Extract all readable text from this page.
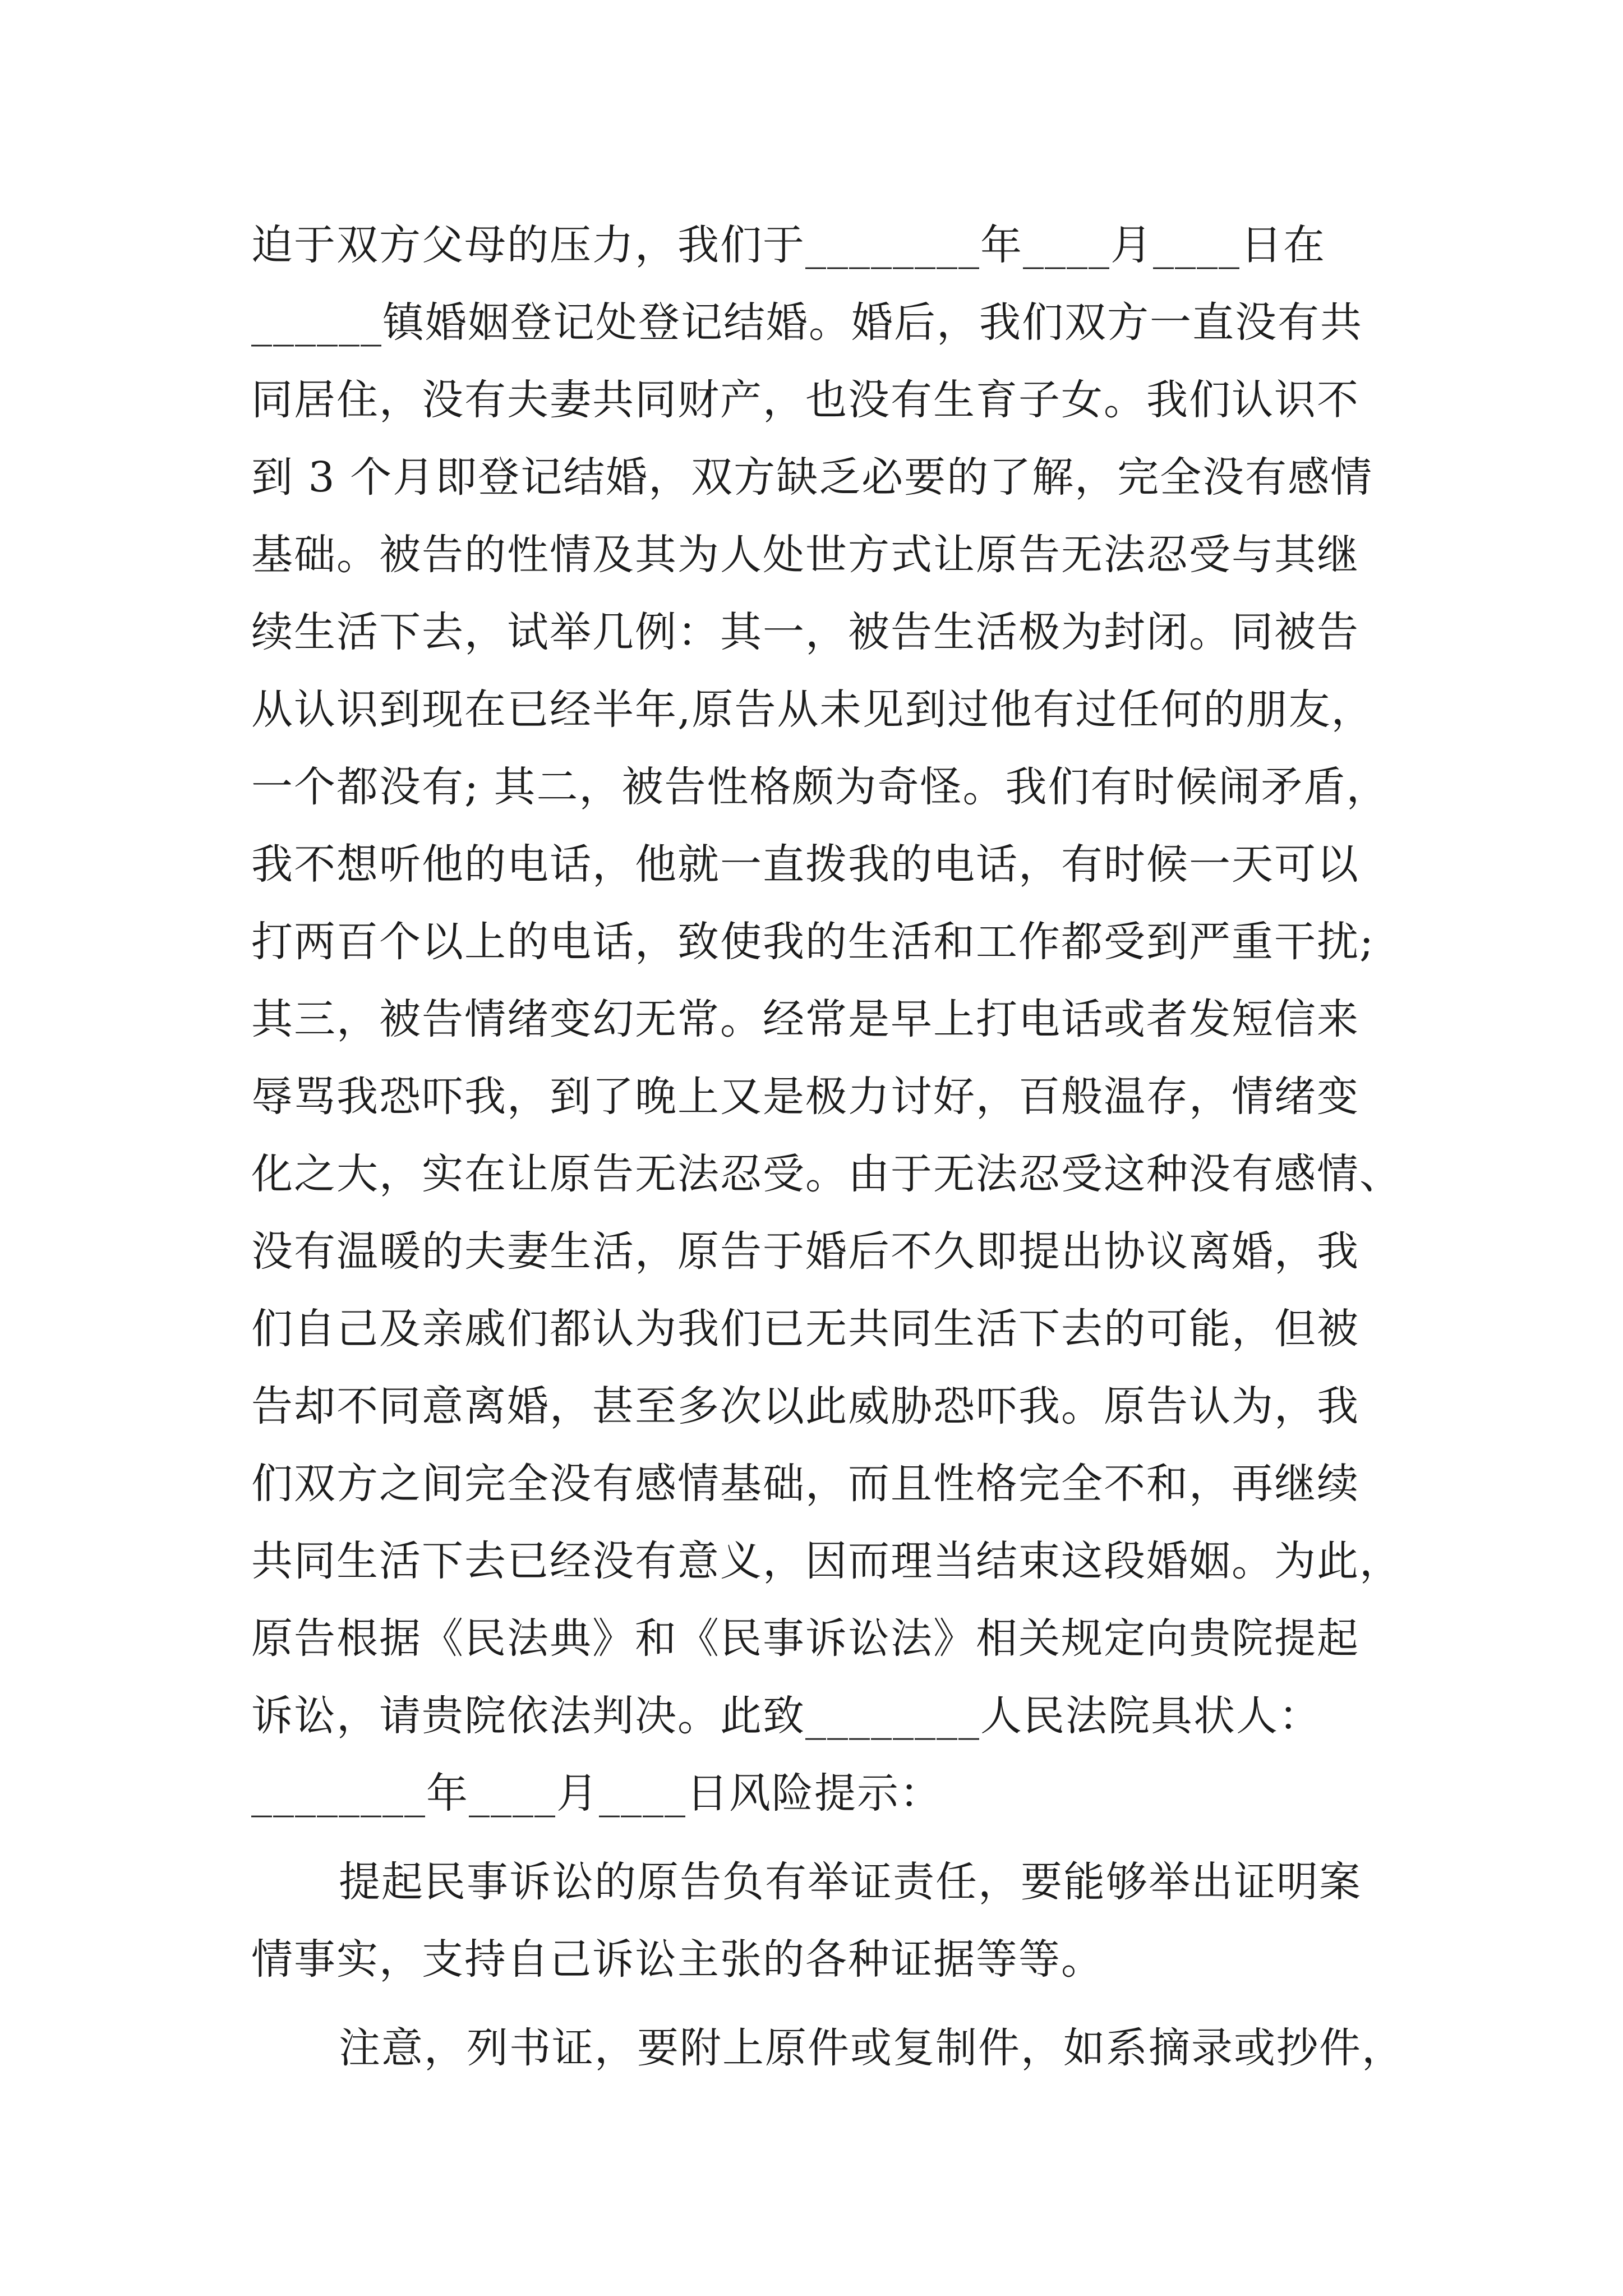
迫于双方父母的压力，我们于________年____月____日在
______镇婚姻登记处登记结婚。婚后，我们双方一直没有共
同居住，没有夫妻共同财产，也没有生育子女。我们认识不
到 3 个月即登记结婚，双方缺乏必要的了解，完全没有感情
基础。被告的性情及其为人处世方式让原告无法忍受与其继
续生活下去，试举几例：其一，被告生活极为封闭。同被告
从认识到现在已经半年,原告从未见到过他有过任何的朋友，
一个都没有; 其二，被告性格颇为奇怪。我们有时候闹矛盾，
我不想听他的电话，他就一直拨我的电话，有时候一天可以
打两百个以上的电话，致使我的生活和工作都受到严重干扰;
其三，被告情绪变幻无常。经常是早上打电话或者发短信来
辱骂我恐吓我，到了晚上又是极力讨好，百般温存，情绪变
化之大，实在让原告无法忍受。由于无法忍受这种没有感情、
没有温暖的夫妻生活，原告于婚后不久即提出协议离婚，我
们自己及亲戚们都认为我们已无共同生活下去的可能，但被
告却不同意离婚，甚至多次以此威胁恐吓我。原告认为，我
们双方之间完全没有感情基础，而且性格完全不和，再继续
共同生活下去已经没有意义，因而理当结束这段婚姻。为此，
原告根据《民法典》和《民事诉讼法》相关规定向贵院提起
诉讼，请贵院依法判决。此致________人民法院具状人：
________年____月____日风险提示：
提起民事诉讼的原告负有举证责任，要能够举出证明案
情事实，支持自己诉讼主张的各种证据等等。
注意，列书证，要附上原件或复制件，如系摘录或抄件，
